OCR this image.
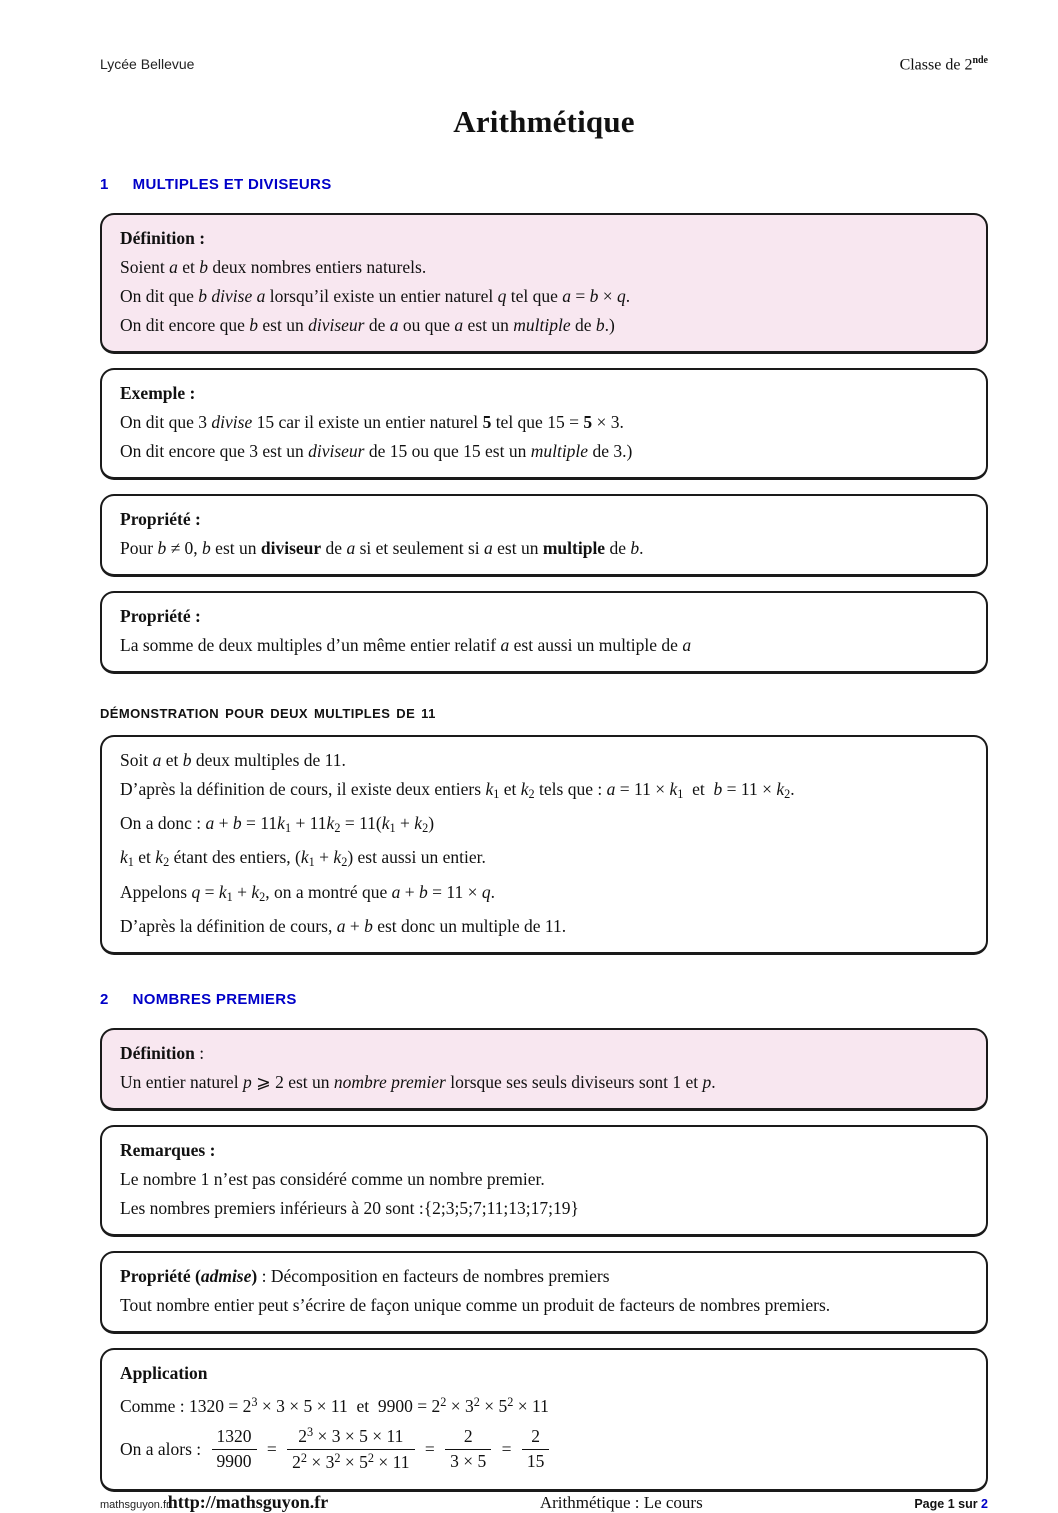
Lycée Bellevue	Classe de 2nde
Arithmétique
1 MULTIPLES ET DIVISEURS
Définition :
Soient a et b deux nombres entiers naturels.
On dit que b divise a lorsqu’il existe un entier naturel q tel que a = b × q.
On dit encore que b est un diviseur de a ou que a est un multiple de b.)
Exemple :
On dit que 3 divise 15 car il existe un entier naturel 5 tel que 15 = 5 × 3.
On dit encore que 3 est un diviseur de 15 ou que 15 est un multiple de 3.)
Propriété :
Pour b ≠ 0, b est un diviseur de a si et seulement si a est un multiple de b.
Propriété :
La somme de deux multiples d’un même entier relatif a est aussi un multiple de a
DÉMONSTRATION POUR DEUX MULTIPLES DE 11
Soit a et b deux multiples de 11.
D’après la définition de cours, il existe deux entiers k1 et k2 tels que : a = 11 × k1  et  b = 11 × k2.
On a donc : a + b = 11k1 + 11k2 = 11(k1 + k2)
k1 et k2 étant des entiers, (k1 + k2) est aussi un entier.
Appelons q = k1 + k2, on a montré que a + b = 11 × q.
D’après la définition de cours, a + b est donc un multiple de 11.
2 NOMBRES PREMIERS
Définition :
Un entier naturel p ⩾ 2 est un nombre premier lorsque ses seuls diviseurs sont 1 et p.
Remarques :
Le nombre 1 n’est pas considéré comme un nombre premier.
Les nombres premiers inférieurs à 20 sont :{2;3;5;7;11;13;17;19}
Propriété (admise) : Décomposition en facteurs de nombres premiers
Tout nombre entier peut s’écrire de façon unique comme un produit de facteurs de nombres premiers.
Application
Comme : $1320 = 2^3 \times 3 \times 5 \times 11$  et  $9900 = 2^2 \times 3^2 \times 5^2 \times 11$
On a alors : $\frac{1320}{9900} = \frac{2^3 \times 3 \times 5 \times 11}{2^2 \times 3^2 \times 5^2 \times 11} = \frac{2}{3 \times 5} = \frac{2}{15}$
mathsguyon.fr
http://mathsguyon.fr	Arithmétique : Le cours	Page 1 sur 2
